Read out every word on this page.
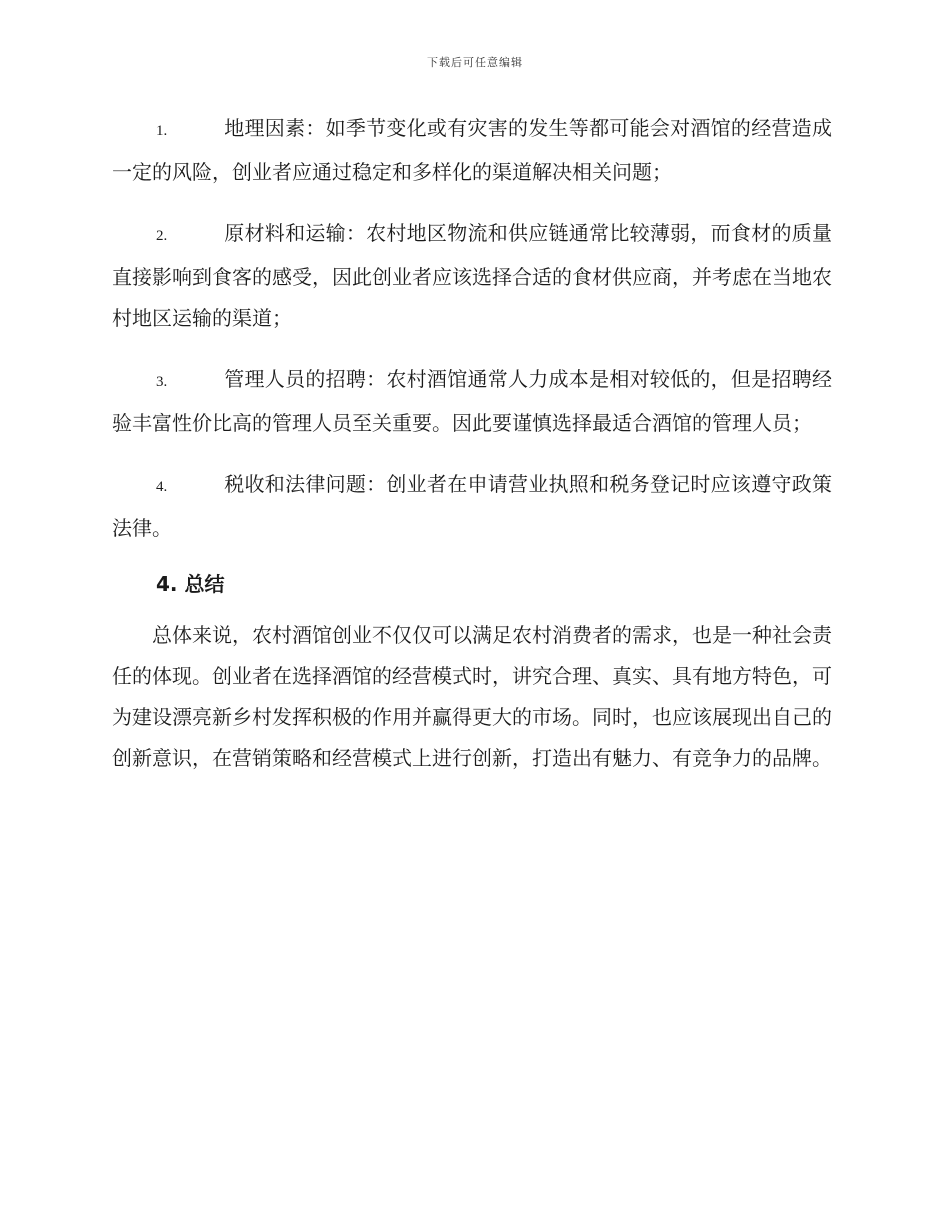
下载后可任意编辑

1.	地理因素：如季节变化或有灾害的发生等都可能会对酒馆的经营造成一定的风险，创业者应通过稳定和多样化的渠道解决相关问题；

2.	原材料和运输：农村地区物流和供应链通常比较薄弱，而食材的质量直接影响到食客的感受，因此创业者应该选择合适的食材供应商，并考虑在当地农村地区运输的渠道；

3.	管理人员的招聘：农村酒馆通常人力成本是相对较低的，但是招聘经验丰富性价比高的管理人员至关重要。因此要谨慎选择最适合酒馆的管理人员；

4.	税收和法律问题：创业者在申请营业执照和税务登记时应该遵守政策法律。

4. 总结

总体来说，农村酒馆创业不仅仅可以满足农村消费者的需求，也是一种社会责任的体现。创业者在选择酒馆的经营模式时，讲究合理、真实、具有地方特色，可为建设漂亮新乡村发挥积极的作用并赢得更大的市场。同时，也应该展现出自己的创新意识，在营销策略和经营模式上进行创新，打造出有魅力、有竞争力的品牌。
